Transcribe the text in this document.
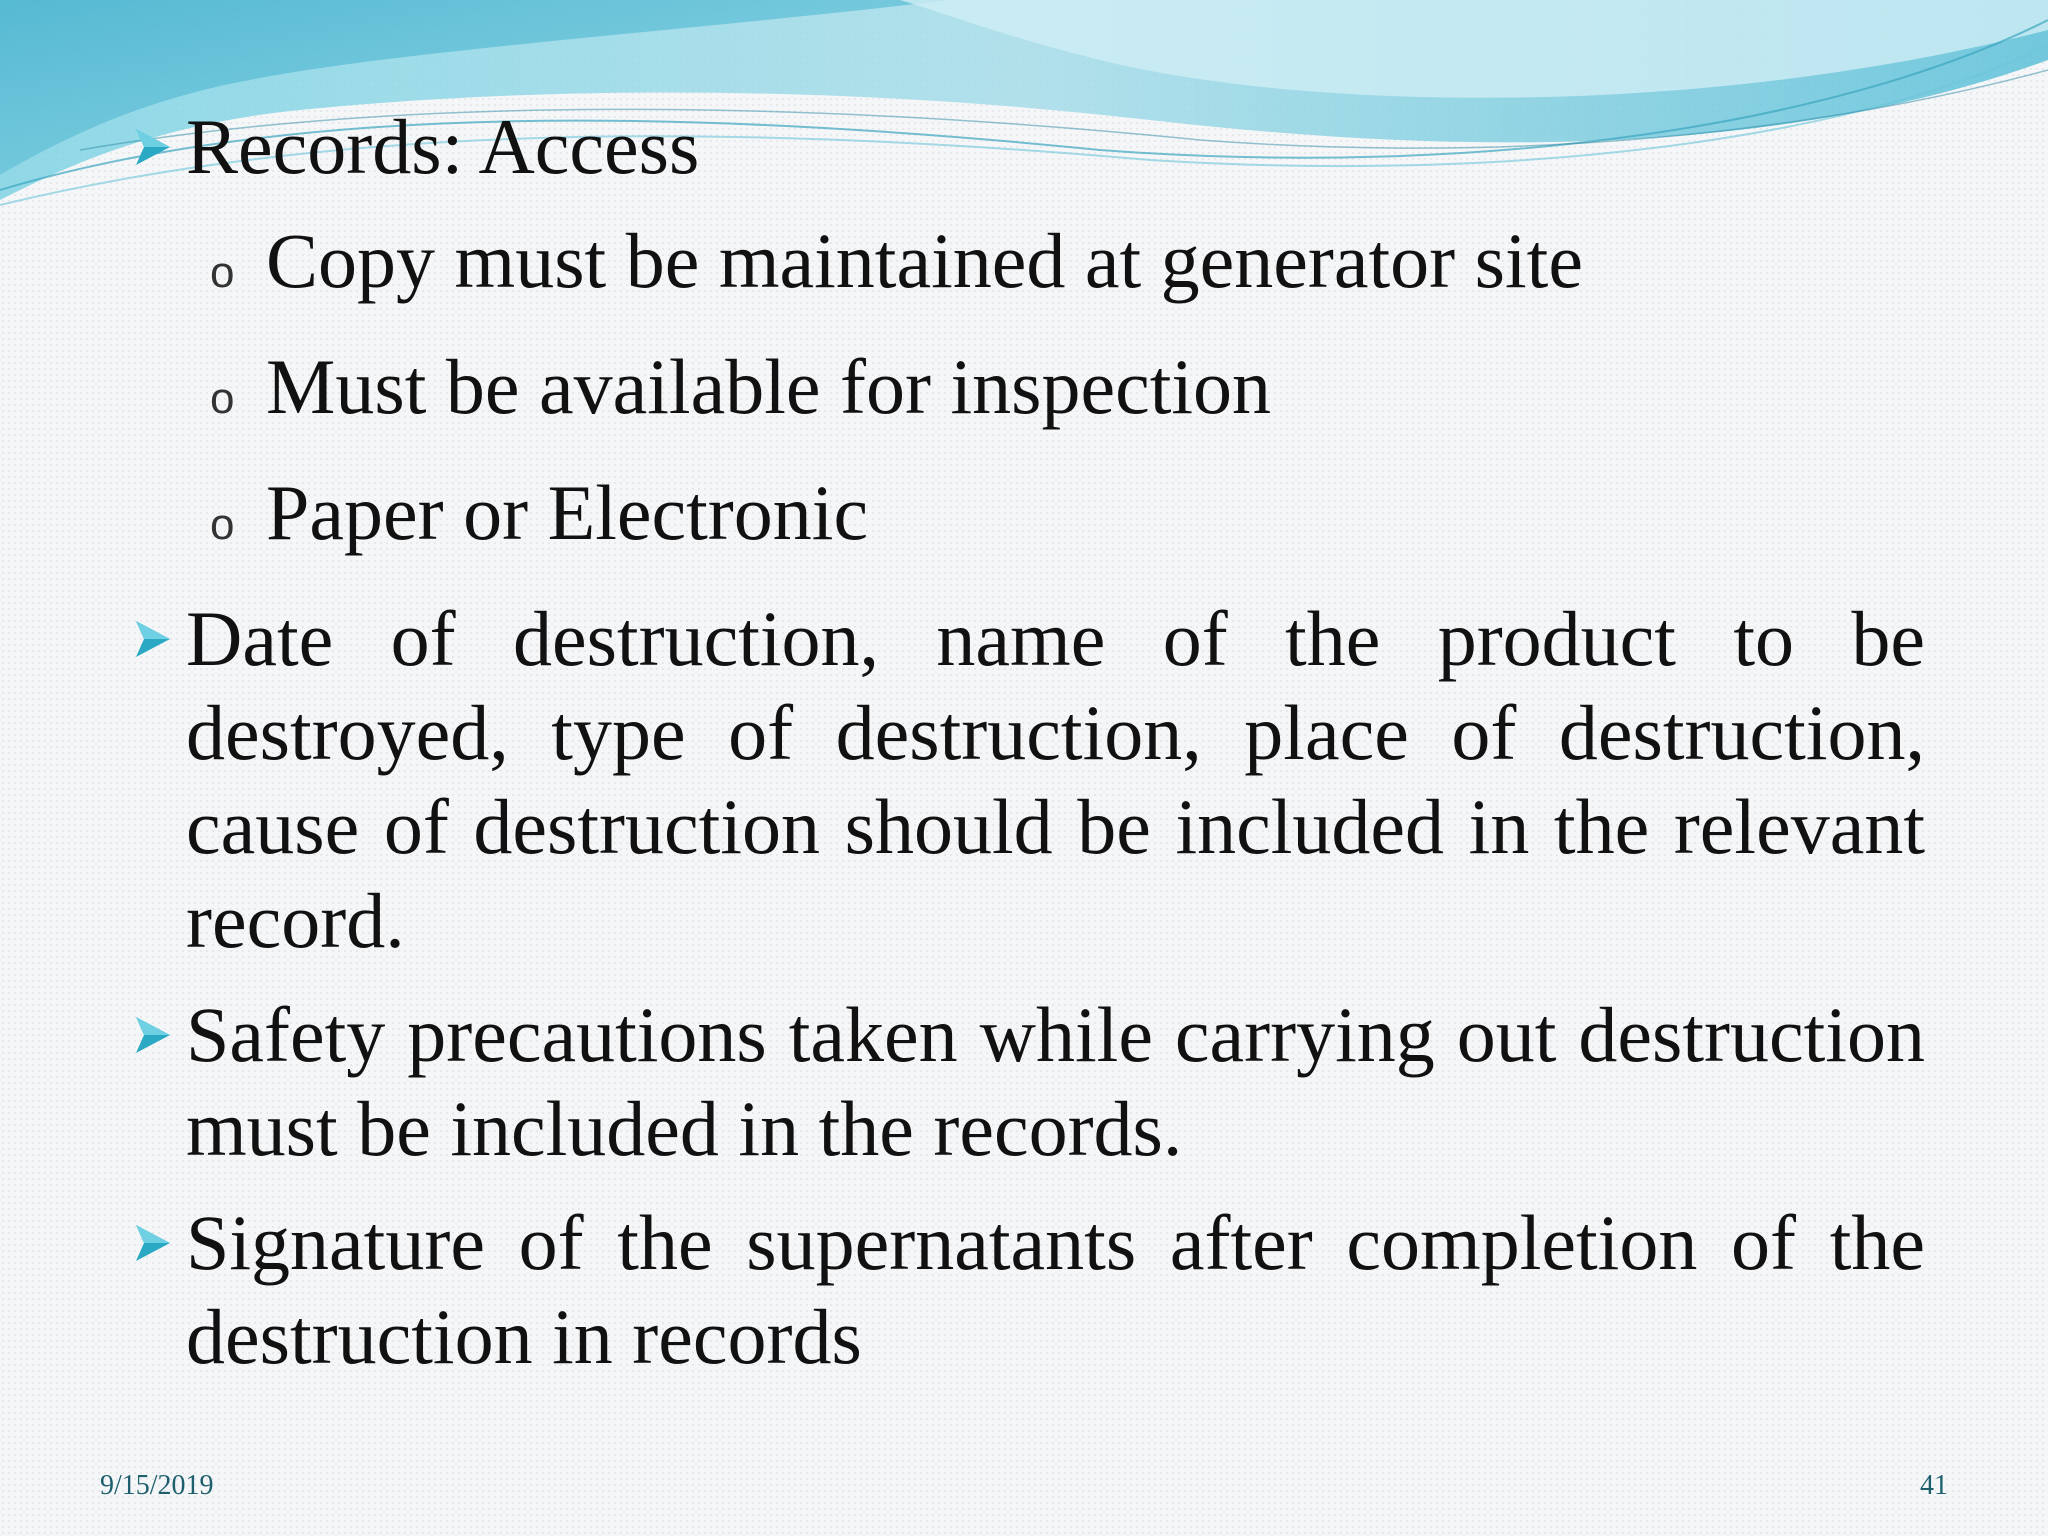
Records: Access
o Copy must be maintained at generator site
o Must be available for inspection
o Paper or Electronic
Date of destruction, name of the product to be destroyed, type of destruction, place of destruction, cause of destruction should be included in the relevant record.
Safety precautions taken while carrying out destruction must be included in the records.
Signature of the supernatants after completion of the destruction in records
9/15/2019	41
